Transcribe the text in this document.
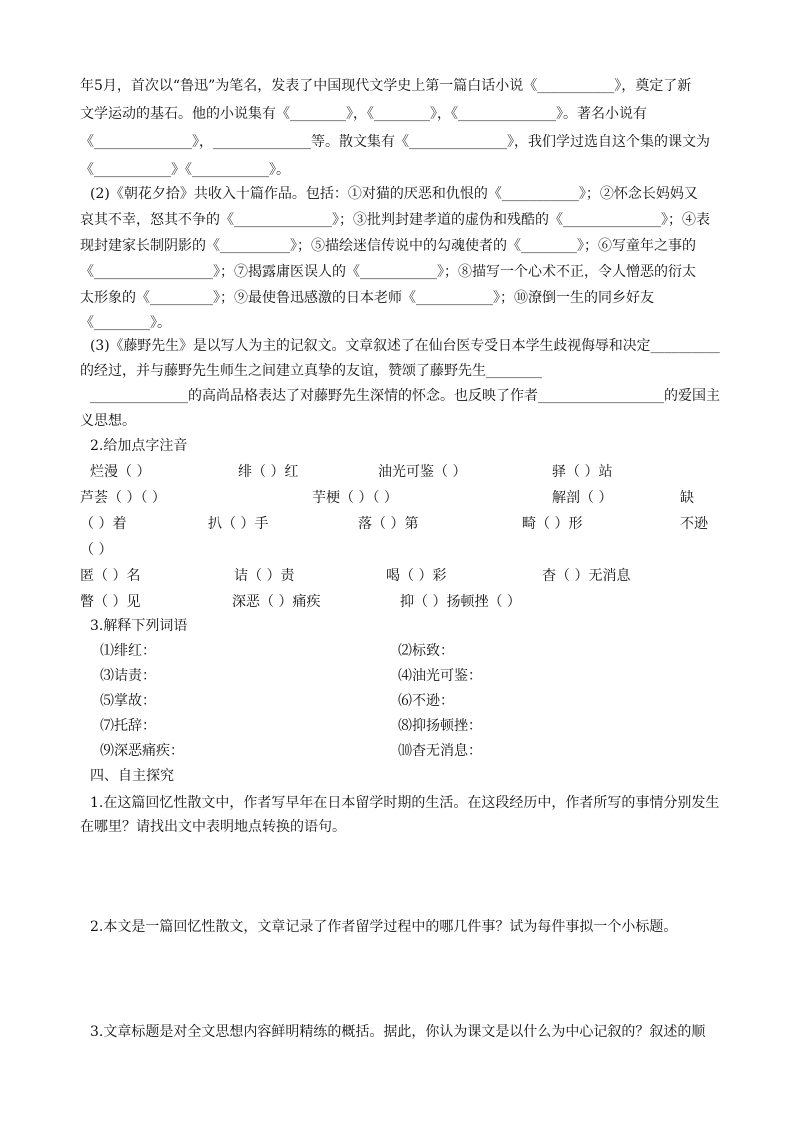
年5月，首次以“鲁迅”为笔名，发表了中国现代文学史上第一篇白话小说《___________》，奠定了新
文学运动的基石。他的小说集有《________》，《________》，《______________》。著名小说有
《______________》，______________等。散文集有《______________》，我们学过选自这个集的课文为
《___________》《___________》。
(2)《朝花夕拾》共收入十篇作品。包括：①对猫的厌恶和仇恨的《___________》；②怀念长妈妈又
哀其不幸，怒其不争的《______________》；③批判封建孝道的虚伪和残酷的《______________》；④表
现封建家长制阴影的《__________》；⑤描绘迷信传说中的勾魂使者的《________》；⑥写童年之事的
《_________________》；⑦揭露庸医误人的《___________》；⑧描写一个心术不正，令人憎恶的衍太
太形象的《_________》；⑨最使鲁迅感激的日本老师《___________》；⑩潦倒一生的同乡好友
《________》。
(3)《藤野先生》是以写人为主的记叙文。文章叙述了在仙台医专受日本学生歧视侮辱和决定__________
的经过，并与藤野先生师生之间建立真挚的友谊，赞颂了藤野先生________
______________的高尚品格表达了对藤野先生深情的怀念。也反映了作者__________________的爱国主
义思想。
2.给加点字注音
烂漫（ ）	绯（ ）红	油光可鉴（ ）	驿（ ）站
芦荟（ ）（ ）	芋梗（ ）（ ）	解剖（ ）	缺
（ ）着	扒（ ）手	落（ ）第	畸（ ）形	不逊
（ ）
匿（ ）名	诘（ ）责	喝（ ）彩	杳（ ）无消息
瞥（ ）见	深恶（ ）痛疾	抑（ ）扬顿挫（ ）
3.解释下列词语
⑴绯红：	⑵标致：
⑶诘责：	⑷油光可鉴：
⑸掌故：	⑹不逊：
⑺托辞：	⑻抑扬顿挫：
⑼深恶痛疾：	⑽杳无消息：
四、自主探究
1.在这篇回忆性散文中，作者写早年在日本留学时期的生活。在这段经历中，作者所写的事情分别发生
在哪里？请找出文中表明地点转换的语句。
2.本文是一篇回忆性散文，文章记录了作者留学过程中的哪几件事？试为每件事拟一个小标题。
3.文章标题是对全文思想内容鲜明精练的概括。据此，你认为课文是以什么为中心记叙的？叙述的顺
